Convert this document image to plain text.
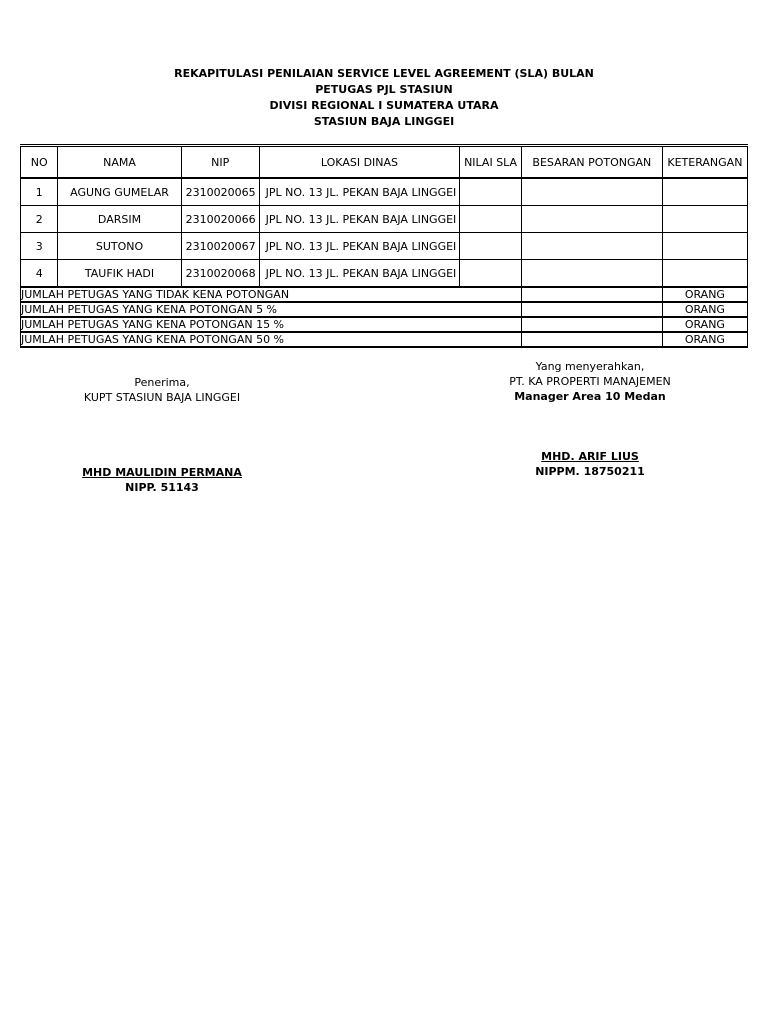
REKAPITULASI PENILAIAN SERVICE LEVEL AGREEMENT (SLA) BULAN
PETUGAS PJL STASIUN
DIVISI REGIONAL I SUMATERA UTARA
STASIUN BAJA LINGGEI
NO	NAMA	NIP	LOKASI DINAS	NILAI SLA	BESARAN POTONGAN	KETERANGAN
1	AGUNG GUMELAR	2310020065	JPL NO. 13 JL. PEKAN BAJA LINGGEI			
2	DARSIM	2310020066	JPL NO. 13 JL. PEKAN BAJA LINGGEI			
3	SUTONO	2310020067	JPL NO. 13 JL. PEKAN BAJA LINGGEI			
4	TAUFIK HADI	2310020068	JPL NO. 13 JL. PEKAN BAJA LINGGEI			
JUMLAH PETUGAS YANG TIDAK KENA POTONGAN						ORANG
JUMLAH PETUGAS YANG KENA POTONGAN 5 %						ORANG
JUMLAH PETUGAS YANG KENA POTONGAN 15 %						ORANG
JUMLAH PETUGAS YANG KENA POTONGAN 50 %						ORANG
Penerima,
KUPT STASIUN BAJA LINGGEI
MHD MAULIDIN PERMANA
NIPP. 51143
Yang menyerahkan,
PT. KA PROPERTI MANAJEMEN
Manager Area 10 Medan
MHD. ARIF LIUS
NIPPM. 18750211
